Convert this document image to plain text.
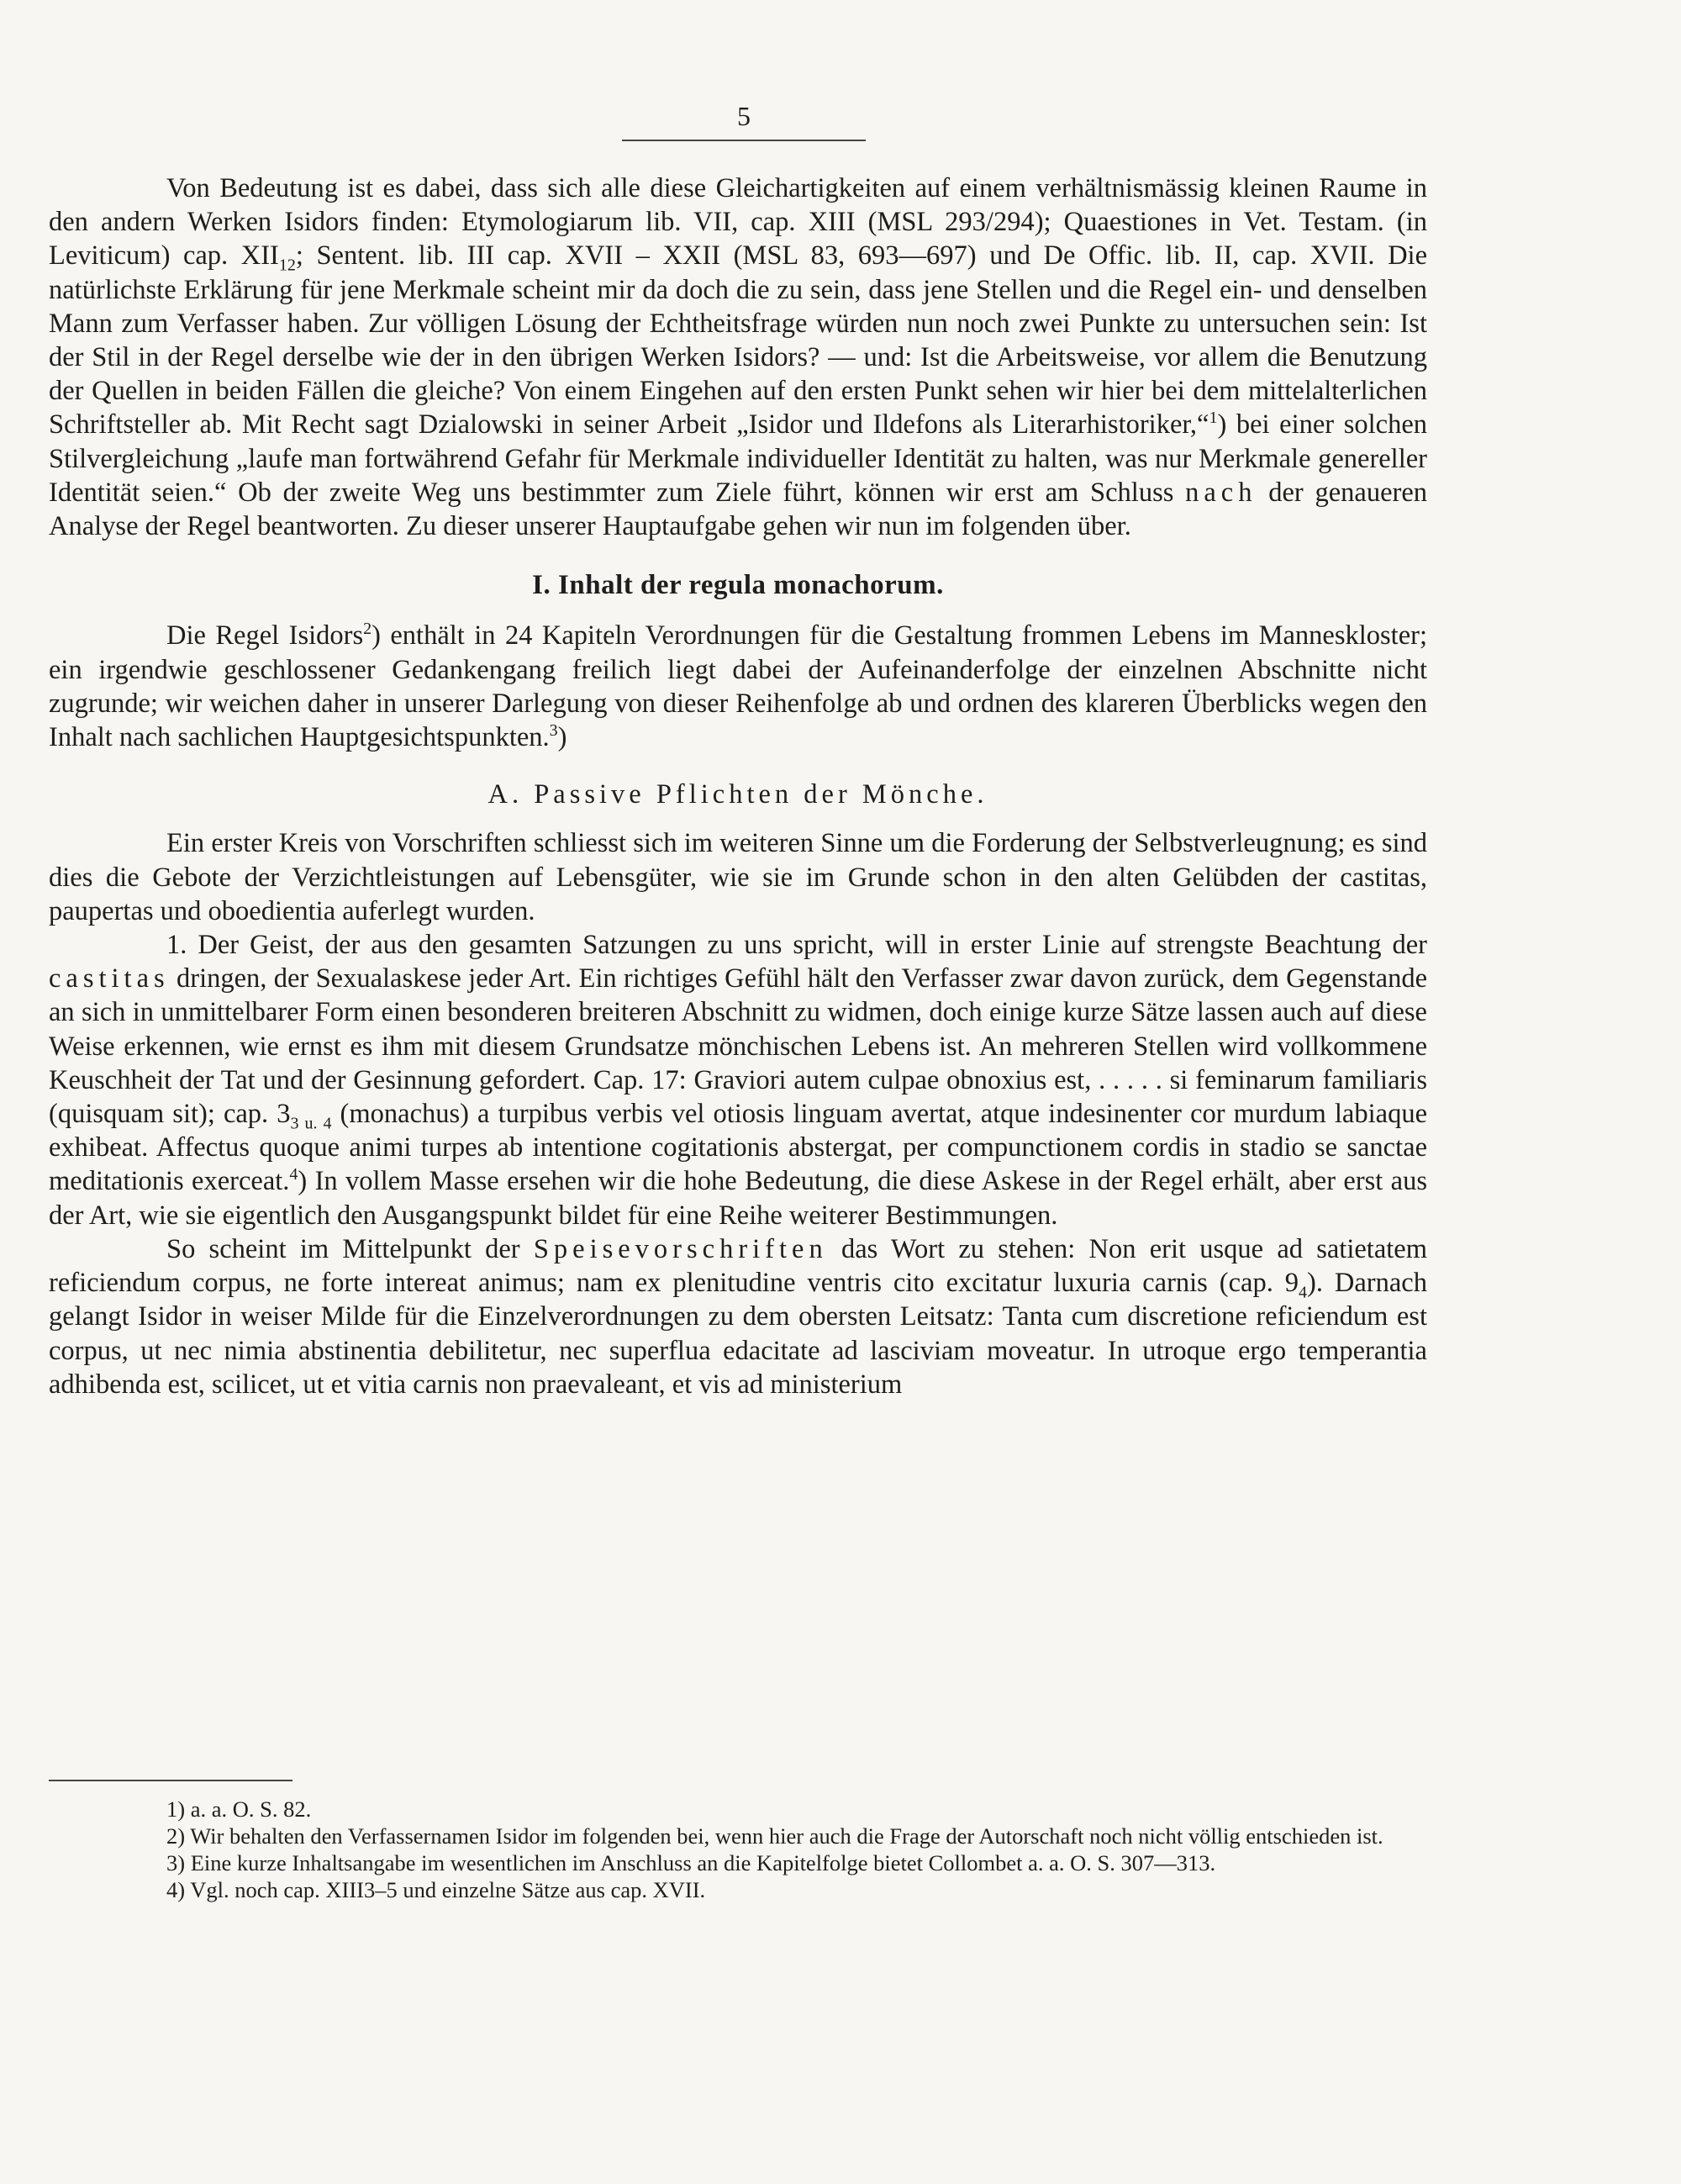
5

Von Bedeutung ist es dabei, dass sich alle diese Gleichartigkeiten auf einem verhältnismässig kleinen Raume in den andern Werken Isidors finden: Etymologiarum lib. VII, cap. XIII (MSL 293/294); Quaestiones in Vet. Testam. (in Leviticum) cap. $XII_{12}$; Sentent. lib. III cap. XVII – XXII (MSL 83, 693—697) und De Offic. lib. II, cap. XVII. Die natürlichste Erklärung für jene Merkmale scheint mir da doch die zu sein, dass jene Stellen und die Regel ein- und denselben Mann zum Verfasser haben. Zur völligen Lösung der Echtheitsfrage würden nun noch zwei Punkte zu untersuchen sein: Ist der Stil in der Regel derselbe wie der in den übrigen Werken Isidors? — und: Ist die Arbeitsweise, vor allem die Benutzung der Quellen in beiden Fällen die gleiche? Von einem Eingehen auf den ersten Punkt sehen wir hier bei dem mittelalterlichen Schriftsteller ab. Mit Recht sagt Dzialowski in seiner Arbeit „Isidor und Ildefons als Literarhistoriker,“$^1$) bei einer solchen Stilvergleichung „laufe man fortwährend Gefahr für Merkmale individueller Identität zu halten, was nur Merkmale genereller Identität seien.“ Ob der zweite Weg uns bestimmter zum Ziele führt, können wir erst am Schluss nach der genaueren Analyse der Regel beantworten. Zu dieser unserer Hauptaufgabe gehen wir nun im folgenden über.

I. Inhalt der regula monachorum.

Die Regel Isidors$^2$) enthält in 24 Kapiteln Verordnungen für die Gestaltung frommen Lebens im Manneskloster; ein irgendwie geschlossener Gedankengang freilich liegt dabei der Aufeinanderfolge der einzelnen Abschnitte nicht zugrunde; wir weichen daher in unserer Darlegung von dieser Reihenfolge ab und ordnen des klareren Überblicks wegen den Inhalt nach sachlichen Hauptgesichtspunkten.$^3$)

A. Passive Pflichten der Mönche.

Ein erster Kreis von Vorschriften schliesst sich im weiteren Sinne um die Forderung der Selbstverleugnung; es sind dies die Gebote der Verzichtleistungen auf Lebensgüter, wie sie im Grunde schon in den alten Gelübden der castitas, paupertas und oboedientia auferlegt wurden.

1. Der Geist, der aus den gesamten Satzungen zu uns spricht, will in erster Linie auf strengste Beachtung der castitas dringen, der Sexualaskese jeder Art. Ein richtiges Gefühl hält den Verfasser zwar davon zurück, dem Gegenstande an sich in unmittelbarer Form einen besonderen breiteren Abschnitt zu widmen, doch einige kurze Sätze lassen auch auf diese Weise erkennen, wie ernst es ihm mit diesem Grundsatze mönchischen Lebens ist. An mehreren Stellen wird vollkommene Keuschheit der Tat und der Gesinnung gefordert. Cap. 17: Graviori autem culpae obnoxius est, . . . . . si feminarum familiaris (quisquam sit); cap. $3_{3 u. 4}$ (monachus) a turpibus verbis vel otiosis linguam avertat, atque indesinenter cor murdum labiaque exhibeat. Affectus quoque animi turpes ab intentione cogitationis abstergat, per compunctionem cordis in stadio se sanctae meditationis exerceat.$^4$) In vollem Masse ersehen wir die hohe Bedeutung, die diese Askese in der Regel erhält, aber erst aus der Art, wie sie eigentlich den Ausgangspunkt bildet für eine Reihe weiterer Bestimmungen.

So scheint im Mittelpunkt der Speisevorschriften das Wort zu stehen: Non erit usque ad satietatem reficiendum corpus, ne forte intereat animus; nam ex plenitudine ventris cito excitatur luxuria carnis (cap. $9_4$). Darnach gelangt Isidor in weiser Milde für die Einzelverordnungen zu dem obersten Leitsatz: Tanta cum discretione reficiendum est corpus, ut nec nimia abstinentia debilitetur, nec superflua edacitate ad lasciviam moveatur. In utroque ergo temperantia adhibenda est, scilicet, ut et vitia carnis non praevaleant, et vis ad ministerium

1) a. a. O. S. 82.

2) Wir behalten den Verfassernamen Isidor im folgenden bei, wenn hier auch die Frage der Autorschaft noch nicht völlig entschieden ist.

3) Eine kurze Inhaltsangabe im wesentlichen im Anschluss an die Kapitelfolge bietet Collombet a. a. O. S. 307—313.

4) Vgl. noch cap. XIII3–5 und einzelne Sätze aus cap. XVII.
